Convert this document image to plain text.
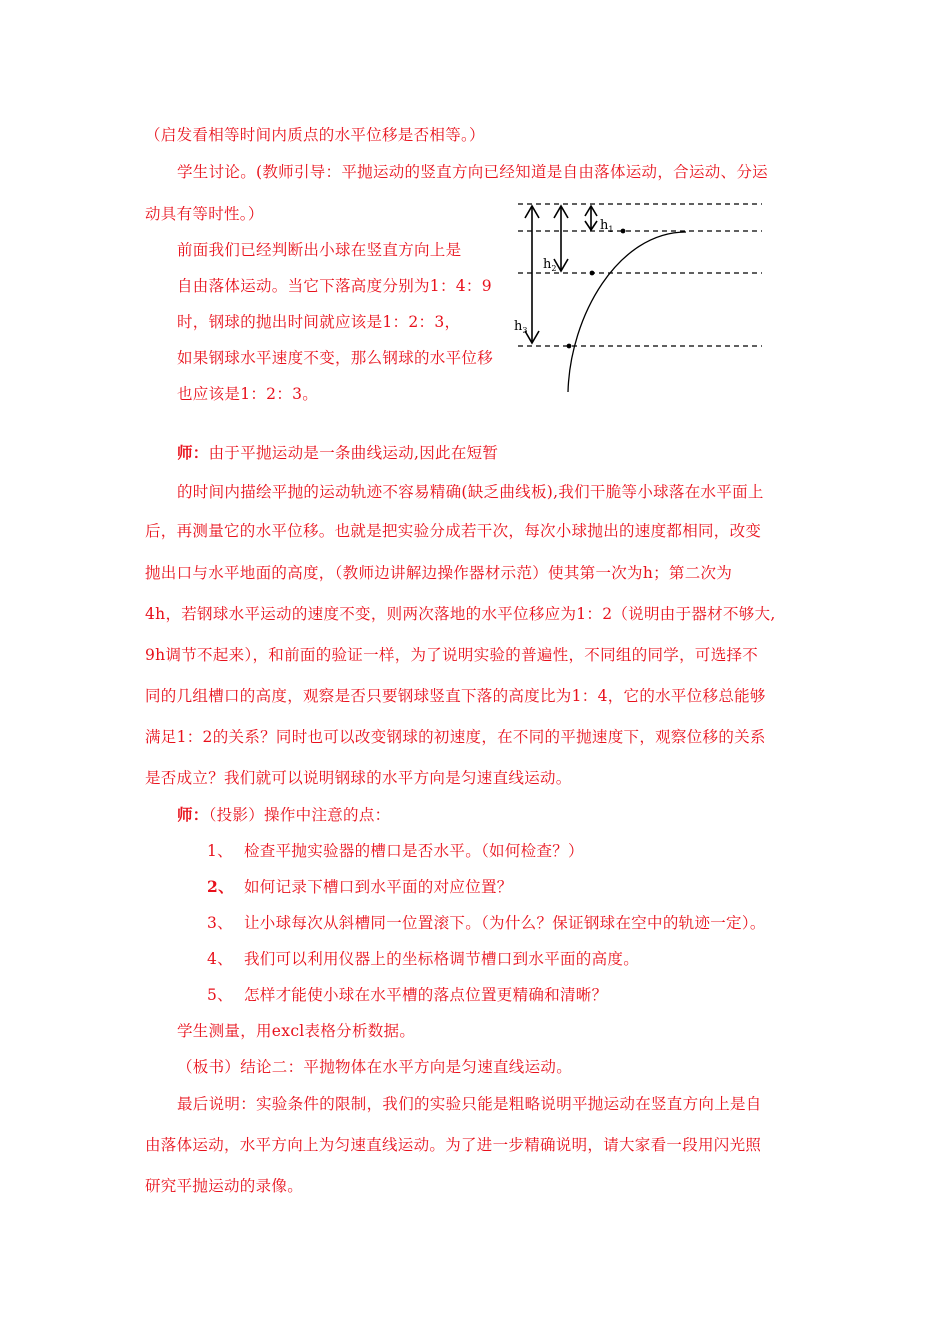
（启发看相等时间内质点的水平位移是否相等。）
学生讨论。(教师引导：平抛运动的竖直方向已经知道是自由落体运动，合运动、分运
动具有等时性。）
前面我们已经判断出小球在竖直方向上是
自由落体运动。当它下落高度分别为1：4：9
时，钢球的抛出时间就应该是1：2：3，
如果钢球水平速度不变，那么钢球的水平位移
也应该是1：2：3。
$h_1$
$h_2$
$h_3$
师：由于平抛运动是一条曲线运动,因此在短暂
的时间内描绘平抛的运动轨迹不容易精确(缺乏曲线板),我们干脆等小球落在水平面上
后，再测量它的水平位移。也就是把实验分成若干次，每次小球抛出的速度都相同，改变
抛出口与水平地面的高度，（教师边讲解边操作器材示范）使其第一次为h；第二次为
4h，若钢球水平运动的速度不变，则两次落地的水平位移应为1：2（说明由于器材不够大,
9h调节不起来），和前面的验证一样，为了说明实验的普遍性，不同组的同学，可选择不
同的几组槽口的高度，观察是否只要钢球竖直下落的高度比为1：4，它的水平位移总能够
满足1：2的关系？同时也可以改变钢球的初速度，在不同的平抛速度下，观察位移的关系
是否成立？我们就可以说明钢球的水平方向是匀速直线运动。
师：（投影）操作中注意的点：
1、 检查平抛实验器的槽口是否水平。（如何检查？）
2、 如何记录下槽口到水平面的对应位置？
3、 让小球每次从斜槽同一位置滚下。（为什么？保证钢球在空中的轨迹一定）。
4、 我们可以利用仪器上的坐标格调节槽口到水平面的高度。
5、 怎样才能使小球在水平槽的落点位置更精确和清晰？
学生测量，用excl表格分析数据。
（板书）结论二：平抛物体在水平方向是匀速直线运动。
最后说明：实验条件的限制，我们的实验只能是粗略说明平抛运动在竖直方向上是自
由落体运动，水平方向上为匀速直线运动。为了进一步精确说明，请大家看一段用闪光照
研究平抛运动的录像。
